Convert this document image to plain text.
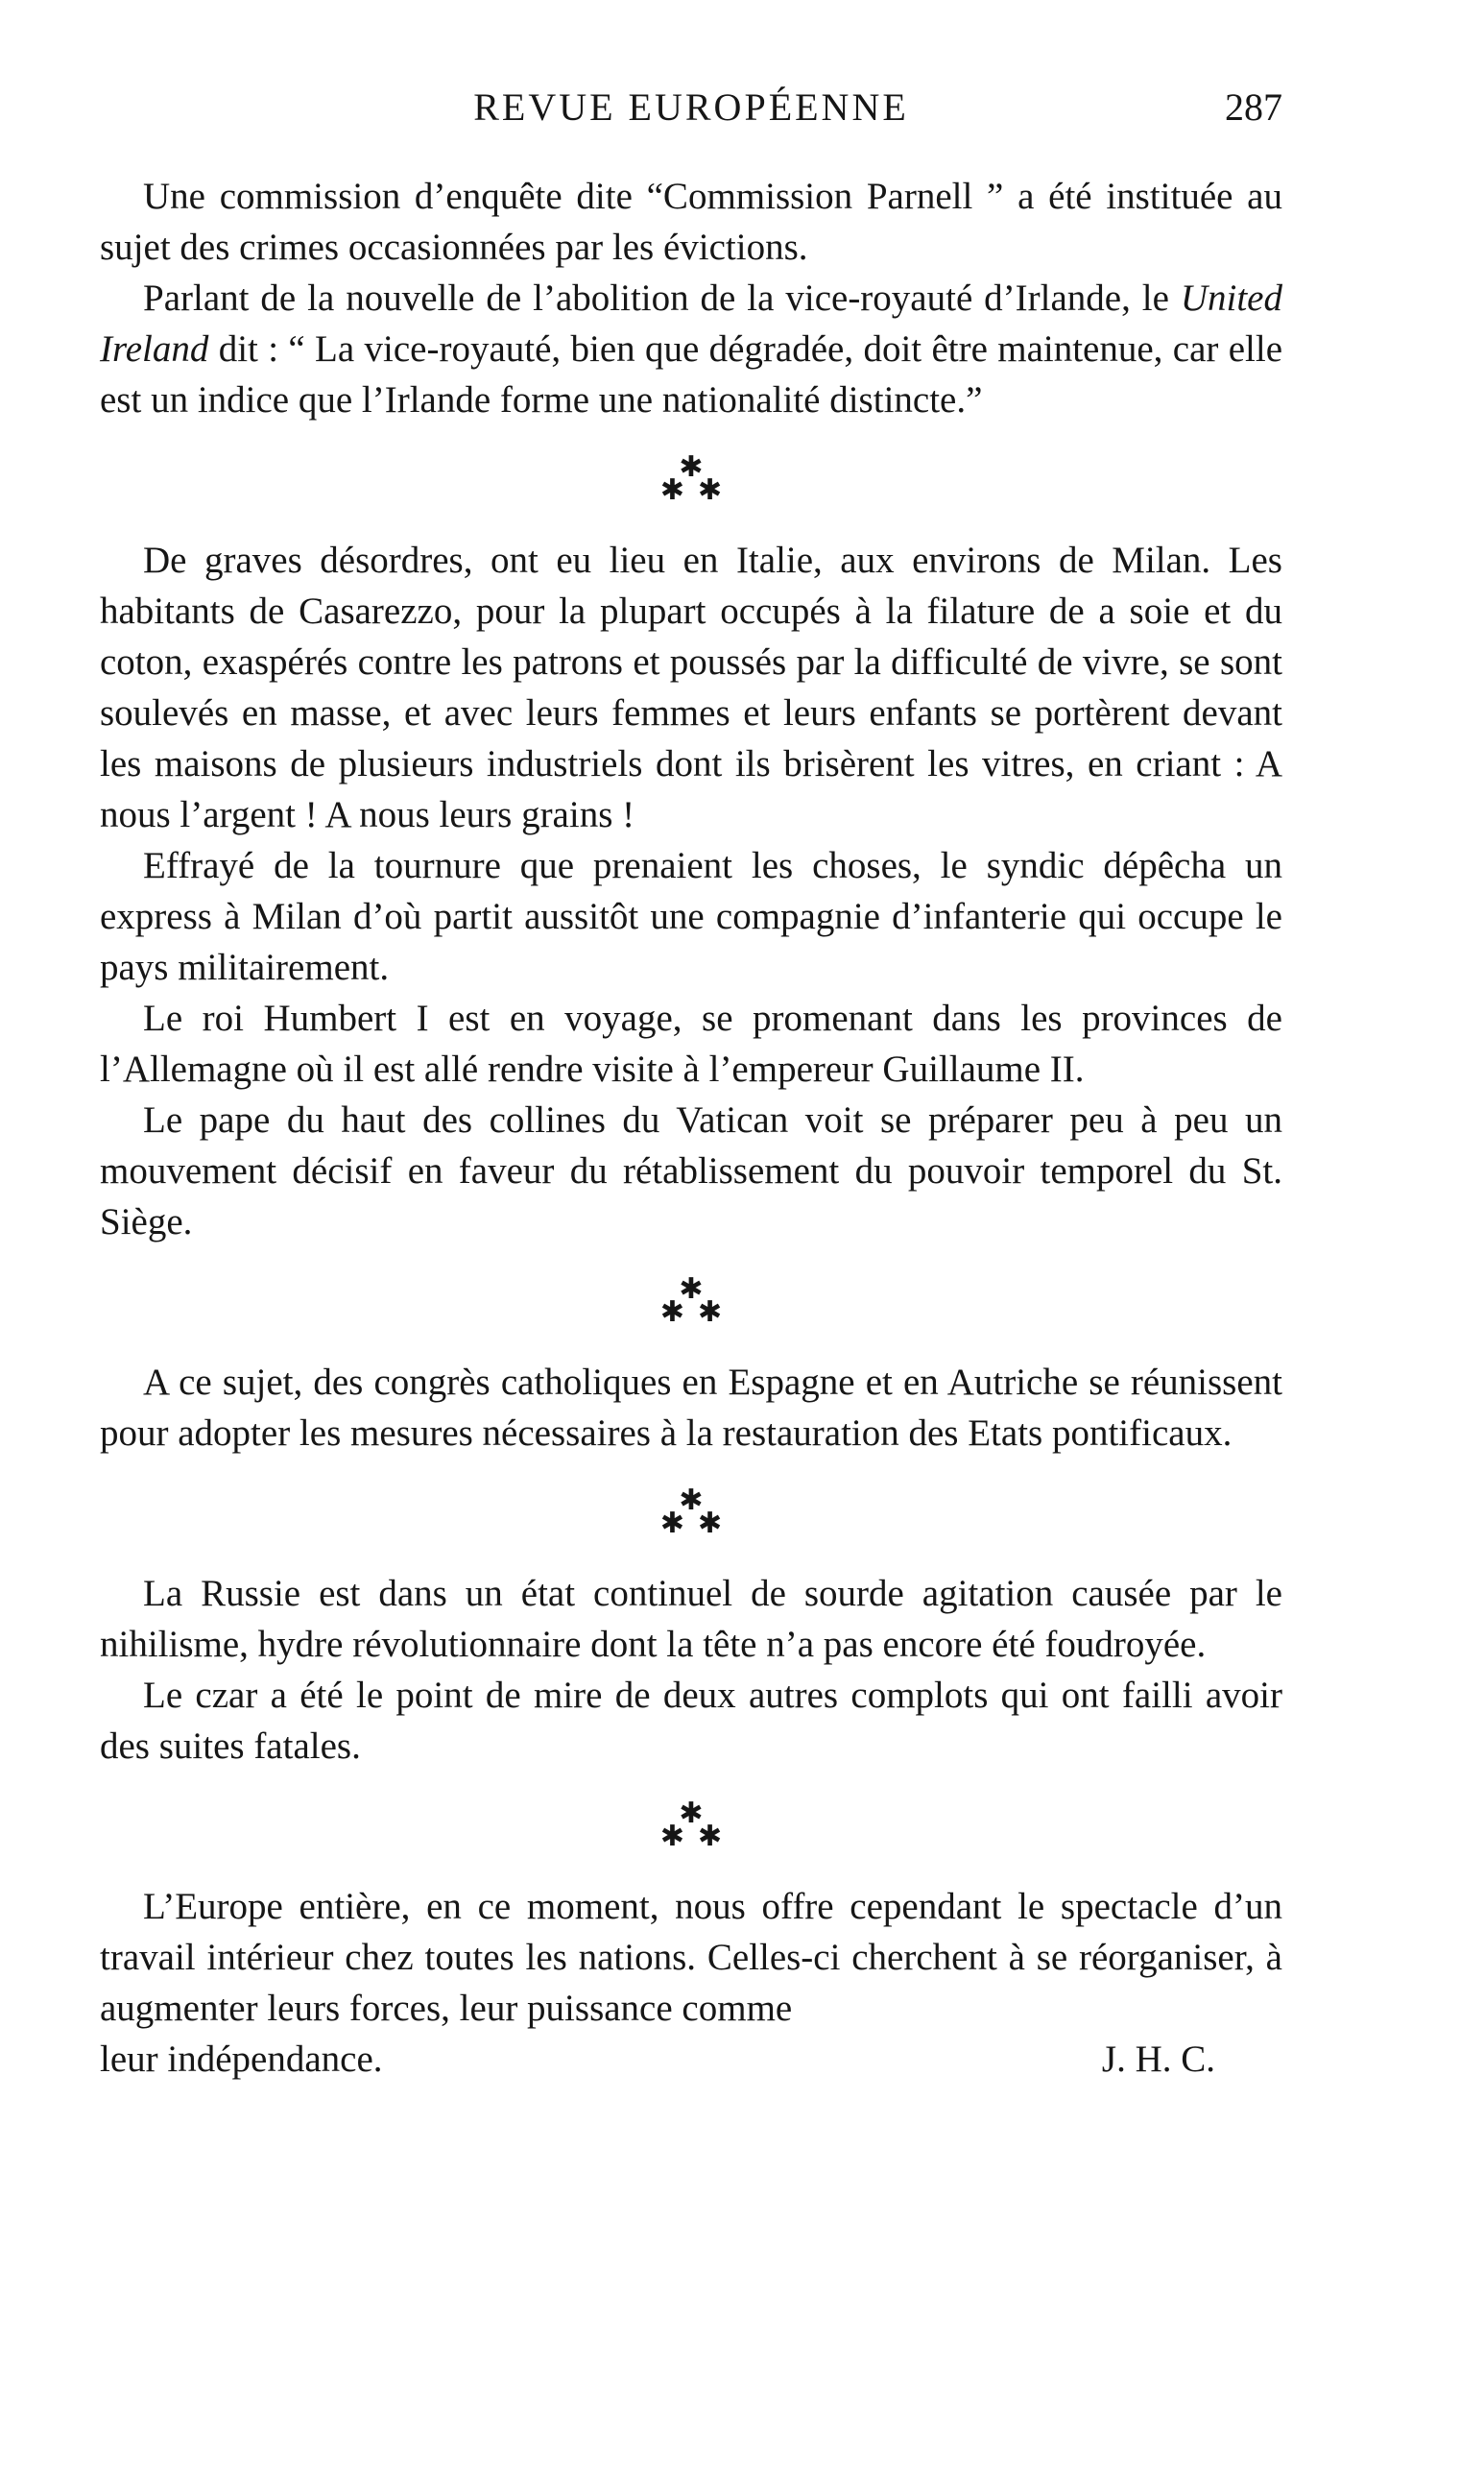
REVUE EUROPÉENNE	287

Une commission d’enquête dite “Commission Parnell ” a été instituée au sujet des crimes occasionnées par les évictions.

Parlant de la nouvelle de l’abolition de la vice-royauté d’Irlande, le United Ireland dit : “ La vice-royauté, bien que dégradée, doit être maintenue, car elle est un indice que l’Irlande forme une nationalité distincte.”

✱
✱✱

De graves désordres, ont eu lieu en Italie, aux environs de Milan. Les habitants de Casarezzo, pour la plupart occupés à la filature de a soie et du coton, exaspérés contre les patrons et poussés par la difficulté de vivre, se sont soulevés en masse, et avec leurs femmes et leurs enfants se portèrent devant les maisons de plusieurs industriels dont ils brisèrent les vitres, en criant : A nous l’argent ! A nous leurs grains !

Effrayé de la tournure que prenaient les choses, le syndic dépêcha un express à Milan d’où partit aussitôt une compagnie d’infanterie qui occupe le pays militairement.

Le roi Humbert I est en voyage, se promenant dans les provinces de l’Allemagne où il est allé rendre visite à l’empereur Guillaume II.

Le pape du haut des collines du Vatican voit se préparer peu à peu un mouvement décisif en faveur du rétablissement du pouvoir temporel du St. Siège.

✱
✱✱

A ce sujet, des congrès catholiques en Espagne et en Autriche se réunissent pour adopter les mesures nécessaires à la restauration des Etats pontificaux.

✱
✱✱

La Russie est dans un état continuel de sourde agitation causée par le nihilisme, hydre révolutionnaire dont la tête n’a pas encore été foudroyée.

Le czar a été le point de mire de deux autres complots qui ont failli avoir des suites fatales.

✱
✱✱

L’Europe entière, en ce moment, nous offre cependant le spectacle d’un travail intérieur chez toutes les nations. Celles-ci cherchent à se réorganiser, à augmenter leurs forces, leur puissance comme

leur indépendance.	J. H. C.
